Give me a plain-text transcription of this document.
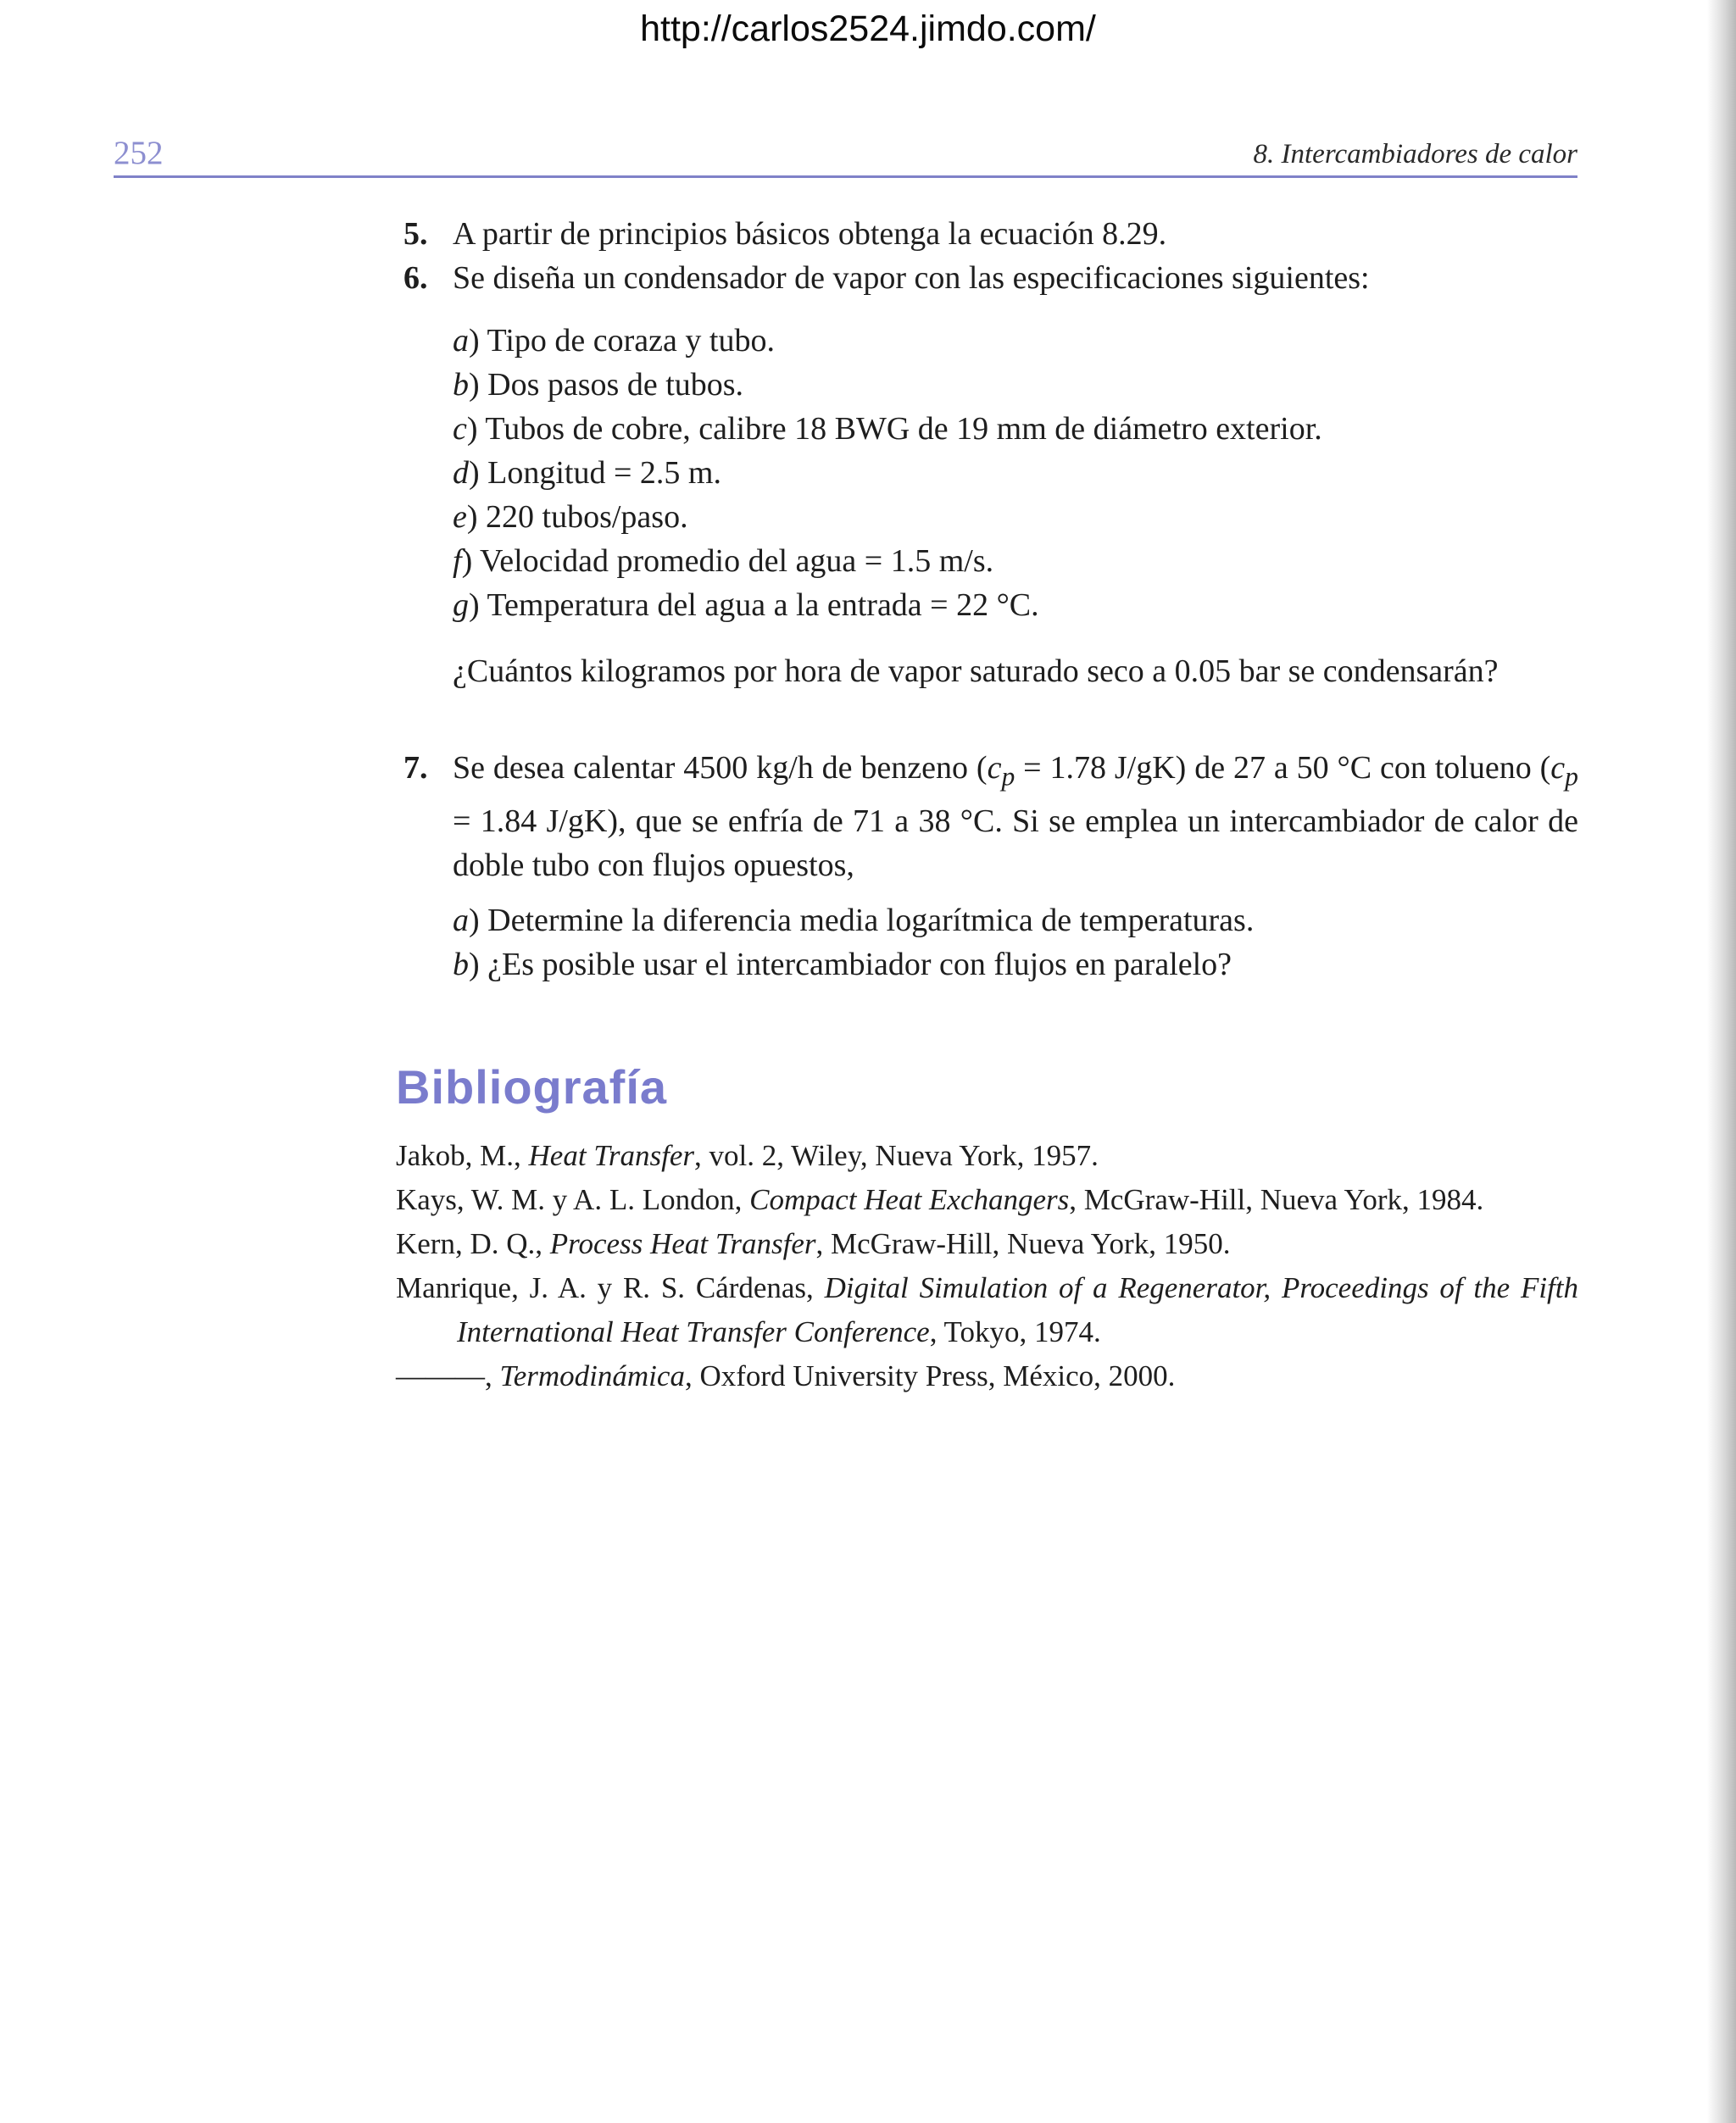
http://carlos2524.jimdo.com/
252	8. Intercambiadores de calor
5. A partir de principios básicos obtenga la ecuación 8.29.

6. Se diseña un condensador de vapor con las especificaciones siguientes:

a ) Tipo de coraza y tubo.
b ) Dos pasos de tubos.
c ) Tubos de cobre, calibre 18 BWG de 19 mm de diámetro exterior.
d ) Longitud = 2.5 m.
e ) 220 tubos/paso.
f ) Velocidad promedio del agua = 1.5 m/s.
g ) Temperatura del agua a la entrada = 22 °C.

¿Cuántos kilogramos por hora de vapor saturado seco a 0.05 bar se condensarán?

7. Se desea calentar 4500 kg/h de benzeno ($c_p = 1.78$ J/gK) de 27 a 50 °C con tolueno ($c_p = 1.84$ J/gK), que se enfría de 71 a 38 °C. Si se emplea un intercambiador de calor de doble tubo con flujos opuestos,

a ) Determine la diferencia media logarítmica de temperaturas.
b ) ¿Es posible usar el intercambiador con flujos en paralelo?
Bibliografía
Jakob, M., Heat Transfer, vol. 2, Wiley, Nueva York, 1957.
Kays, W. M. y A. L. London, Compact Heat Exchangers, McGraw-Hill, Nueva York, 1984.
Kern, D. Q., Process Heat Transfer, McGraw-Hill, Nueva York, 1950.
Manrique, J. A. y R. S. Cárdenas, Digital Simulation of a Regenerator, Proceedings of the Fifth International Heat Transfer Conference, Tokyo, 1974.
———, Termodinámica, Oxford University Press, México, 2000.
